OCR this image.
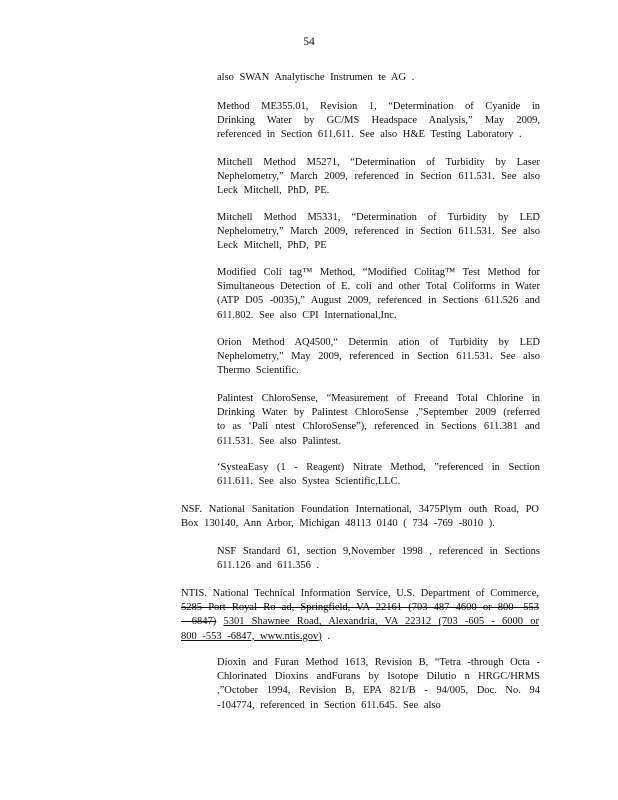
54

also SWAN Analytische Instrumen te AG .

Method ME355.01, Revision 1, “Determination of Cyanide in Drinking Water by GC/MS Headspace Analysis,” May 2009, referenced in Section 611.611. See also H&E Testing Laboratory .

Mitchell Method M5271, “Determination of Turbidity by Laser Nephelometry,” March 2009, referenced in Section 611.531. See also Leck Mitchell, PhD, PE.

Mitchell Method M5331, “Determination of Turbidity by LED Nephelometry,” March 2009, referenced in Section 611.531. See also Leck Mitchell, PhD, PE

Modified Coli tag™ Method, “Modified Colitag™ Test Method for Simultaneous Detection of E. coli and other Total Coliforms in Water (ATP D05 -0035),” August 2009, referenced in Sections 611.526 and 611.802. See also CPI International,Inc.

Orion Method AQ4500,“ Determin ation of Turbidity by LED Nephelometry,” May 2009, referenced in Section 611.531. See also Thermo Scientific.

Palintest ChloroSense, “Measurement of Freeand Total Chlorine in Drinking Water by Palintest ChloroSense ,”September 2009 (referred to as ‘Pali ntest ChloroSense”), referenced in Sections 611.381 and 611.531. See also Palintest.

‘SysteaEasy (1 - Reagent) Nitrate Method, ”referenced in Section 611.611. See also Systea Scientific,LLC.

NSF. National Sanitation Foundation International, 3475Plym outh Road, PO Box 130140, Ann Arbor, Michigan 48113 0140 ( 734 -769 -8010 ).

NSF Standard 61, section 9,November 1998 , referenced in Sections 611.126 and 611.356 .

NTIS. National Technical Information Service, U.S. Department of Commerce, 5285 Port Royal Ro ad, Springfield, VA 22161 (703 487 4600 or 800 -553 - 6847) 5301 Shawnee Road, Alexandria, VA 22312 (703 -605 - 6000 or 800 -553 -6847, www.ntis.gov) .

Dioxin and Furan Method 1613, Revision B, “Tetra -through Octa - Chlorinated Dioxins andFurans by Isotope Dilutio n HRGC/HRMS ,”October 1994, Revision B, EPA 821/B - 94/005, Doc. No. 94 -104774, referenced in Section 611.645. See also
